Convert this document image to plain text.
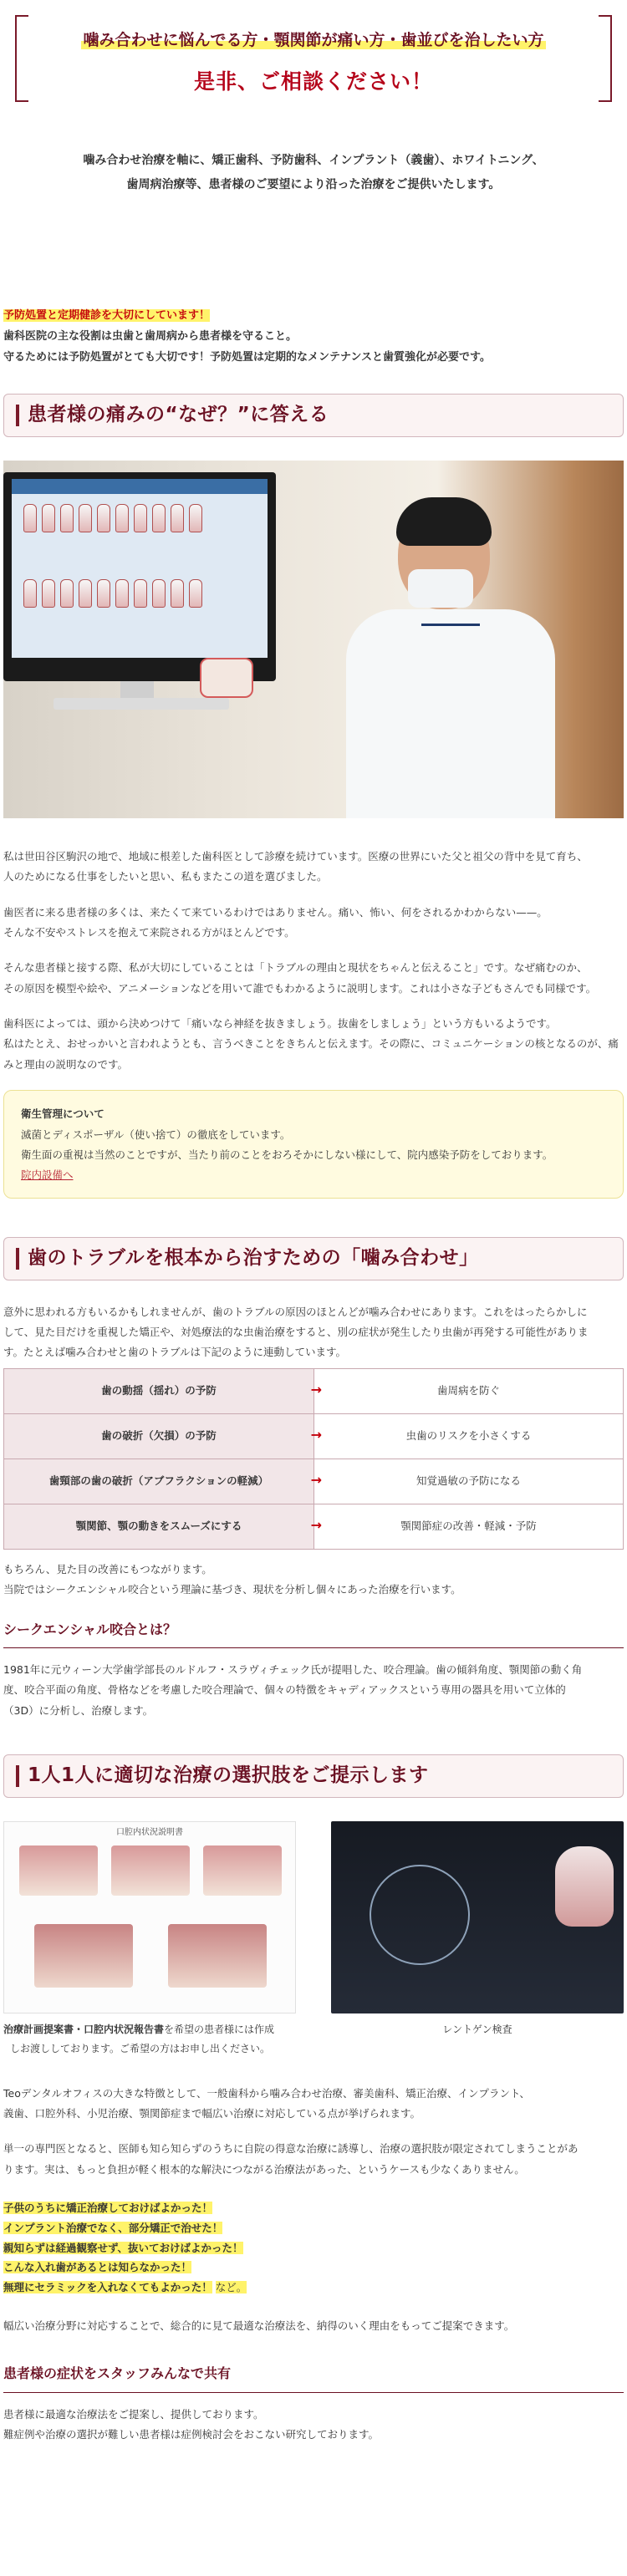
噛み合わせに悩んでる方・顎関節が痛い方・歯並びを治したい方
是非、ご相談ください！
噛み合わせ治療を軸に、矯正歯科、予防歯科、インプラント（義歯）、ホワイトニング、
歯周病治療等、患者様のご要望により沿った治療をご提供いたします。
予防処置と定期健診を大切にしています！
歯科医院の主な役割は虫歯と歯周病から患者様を守ること。
守るためには予防処置がとても大切です！予防処置は定期的なメンテナンスと歯質強化が必要です。
患者様の痛みの“なぜ？”に答える

私は世田谷区駒沢の地で、地域に根差した歯科医として診療を続けています。医療の世界にいた父と祖父の背中を見て育ち、
人のためになる仕事をしたいと思い、私もまたこの道を選びました。

歯医者に来る患者様の多くは、来たくて来ているわけではありません。痛い、怖い、何をされるかわからない——。
そんな不安やストレスを抱えて来院される方がほとんどです。

そんな患者様と接する際、私が大切にしていることは「トラブルの理由と現状をちゃんと伝えること」です。なぜ痛むのか、
その原因を模型や絵や、アニメーションなどを用いて誰でもわかるように説明します。これは小さな子どもさんでも同様です。

歯科医によっては、頭から決めつけて「痛いなら神経を抜きましょう。抜歯をしましょう」という方もいるようです。
私はたとえ、おせっかいと言われようとも、言うべきことをきちんと伝えます。その際に、コミュニケーションの核となるのが、痛みと理由の説明なのです。

衛生管理について
滅菌とディスポーザル（使い捨て）の徹底をしています。
衛生面の重視は当然のことですが、当たり前のことをおろそかにしない様にして、院内感染予防をしております。
院内設備へ
歯のトラブルを根本から治すための「噛み合わせ」

意外に思われる方もいるかもしれませんが、歯のトラブルの原因のほとんどが噛み合わせにあります。これをはったらかしに
して、見た目だけを重視した矯正や、対処療法的な虫歯治療をすると、別の症状が発生したり虫歯が再発する可能性がありま
す。たとえば噛み合わせと歯のトラブルは下記のように連動しています。

歯の動揺（揺れ）の予防 →	歯周病を防ぐ
歯の破折（欠損）の予防 →	虫歯のリスクを小さくする
歯頸部の歯の破折（アブフラクションの軽減） →	知覚過敏の予防になる
顎関節、顎の動きをスムーズにする →	顎関節症の改善・軽減・予防

もちろん、見た目の改善にもつながります。
当院ではシークエンシャル咬合という理論に基づき、現状を分析し個々にあった治療を行います。

シークエンシャル咬合とは？

1981年に元ウィーン大学歯学部長のルドルフ・スラヴィチェック氏が提唱した、咬合理論。歯の傾斜角度、顎関節の動く角
度、咬合平面の角度、骨格などを考慮した咬合理論で、個々の特徴をキャディアックスという専用の器具を用いて立体的
（3D）に分析し、治療します。

1人1人に適切な治療の選択肢をご提示します
口腔内状況説明書
治療計画提案書・口腔内状況報告書を希望の患者様には作成
しお渡ししております。ご希望の方はお申し出ください。
レントゲン検査

Teoデンタルオフィスの大きな特徴として、一般歯科から噛み合わせ治療、審美歯科、矯正治療、インプラント、
義歯、口腔外科、小児治療、顎関節症まで幅広い治療に対応している点が挙げられます。

単一の専門医となると、医師も知ら知らずのうちに自院の得意な治療に誘導し、治療の選択肢が限定されてしまうことがあ
ります。実は、もっと負担が軽く根本的な解決につながる治療法があった、というケースも少なくありません。

子供のうちに矯正治療しておけばよかった！
インプラント治療でなく、部分矯正で治せた！
親知らずは経過観察せず、抜いておけばよかった！
こんな入れ歯があるとは知らなかった！
無理にセラミックを入れなくてもよかった！ など。

幅広い治療分野に対応することで、総合的に見て最適な治療法を、納得のいく理由をもってご提案できます。

患者様の症状をスタッフみんなで共有

患者様に最適な治療法をご提案し、提供しております。
難症例や治療の選択が難しい患者様は症例検討会をおこない研究しております。
